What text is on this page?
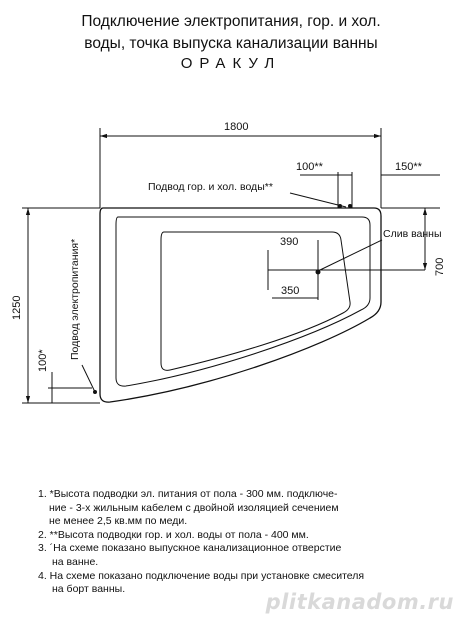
Подключение электропитания, гор. и хол.
воды, точка выпуска канализации ванны
ОРАКУЛ
1800
100**	150**
Подвод гор. и хол. воды**
1250	Подвод электропитания*
100*
390
350
Слив ванны
700
1. *Высота подводки эл. питания от пола - 300 мм. подключе-
ние - 3-х жильным кабелем с двойной изоляцией сечением
не менее 2,5 кв.мм по меди.
2. **Высота подводки гор. и хол. воды от пола - 400 мм.
3. ´На схеме показано выпускное канализационное отверстие
на ванне.
4. На схеме показано подключение воды при установке смесителя
на борт ванны.
plitkanadom.ru
